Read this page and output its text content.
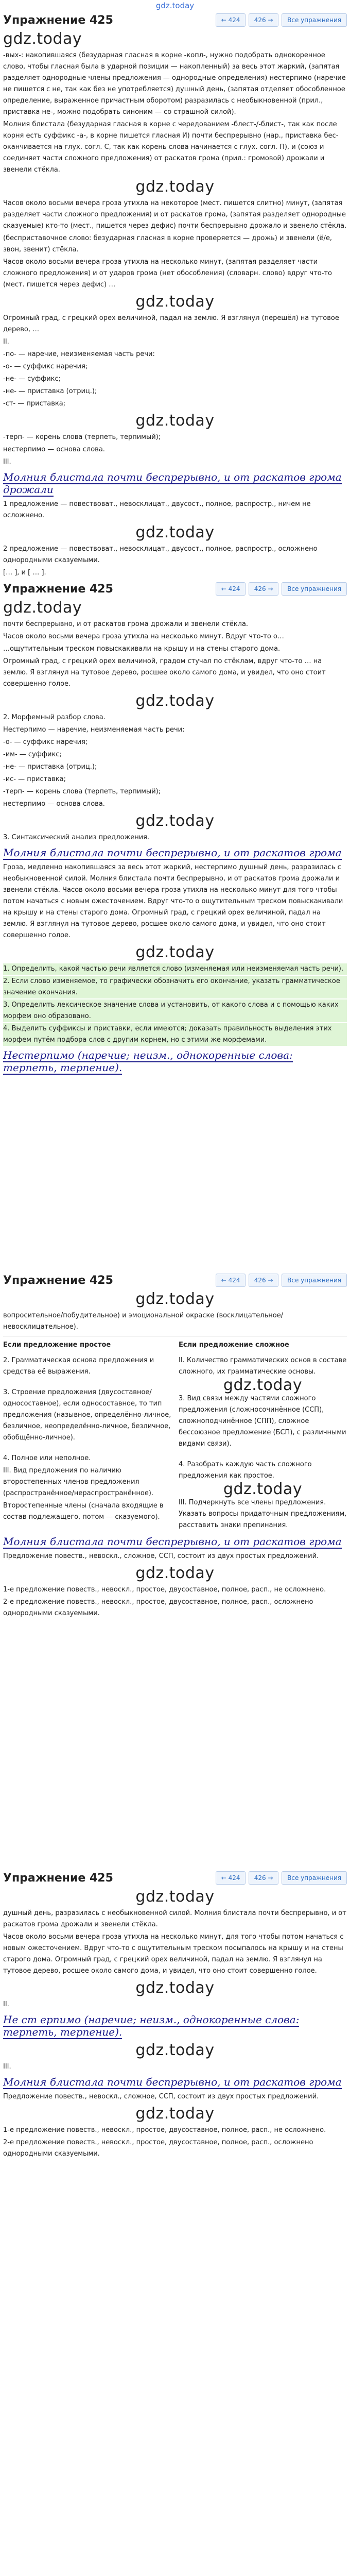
gdz.today
Упражнение 425	← 424	426 →	Все упражнения
gdz.today

-вых-: накопившаяся (безударная гласная в корне -копл-, нужно подобрать однокоренное слово, чтобы гласная была в ударной позиции — накопленный) за весь этот жаркий, (запятая разделяет однородные члены предложения — однородные определения) нестерпимо (наречие не пишется с не, так как без не употребляется) душный день, (запятая отделяет обособленное определение, выраженное причастным оборотом) разразилась с необыкновенной (прил., приставка не-, можно подобрать синоним — со страшной силой).

Молния блистала (безударная гласная в корне с чередованием -блест-/-блист-, так как после корня есть суффикс -а-, в корне пишется гласная И) почти беспрерывно (нар., приставка бес- оканчивается на глух. согл. С, так как корень слова начинается с глух. согл. П), и (союз и соединяет части сложного предложения) от раскатов грома (прил.: громовой) дрожали и звенели стёкла.

gdz.today

Часов около восьми вечера гроза утихла на некоторое (мест. пишется слитно) минут, (запятая разделяет части сложного предложения) и от раскатов грома, (запятая разделяет однородные сказуемые) кто-то (мест., пишется через дефис) почти беспрерывно дрожало и звенело стёкла.

(бесприставочное слово: безударная гласная в корне проверяется — дрожь) и звенели (ё/е, звон, звенит) стёкла.

Часов около восьми вечера гроза утихла на несколько минут, (запятая разделяет части сложного предложения) и от ударов грома (нет обособления) (словарн. слово) вдруг что-то (мест. пишется через дефис) …

gdz.today

Огромный град, с грецкий орех величиной, падал на землю. Я взглянул (перешёл) на тутовое дерево, …

II.

-по- — наречие, неизменяемая часть речи:

-о- — суффикс наречия;

-не- — суффикс;

-не- — приставка (отриц.);

-ст- — приставка;

gdz.today

-терп- — корень слова (терпеть, терпимый);

нестерпимо — основа слова.

III.

Молния блистала почти беспрерывно, и от раскатов грома дрожали

1 предложение — повествоват., невосклицат., двусост., полное, распростр., ничем не осложнено.

gdz.today

2 предложение — повествоват., невосклицат., двусост., полное, распростр., осложнено однородными сказуемыми.

[… ], и [ … ].

Упражнение 425	← 424	426 →	Все упражнения
gdz.today

почти беспрерывно, и от раскатов грома дрожали и звенели стёкла.

Часов около восьми вечера гроза утихла на несколько минут. Вдруг что-то о…

…ощутительным треском повыскакивали на крышу и на стены старого дома.

Огромный град, с грецкий орех величиной, градом стучал по стёклам, вдруг что-то … на землю. Я взглянул на тутовое дерево, росшее около самого дома, и увидел, что оно стоит совершенно голое.

gdz.today

2. Морфемный разбор слова.

Нестерпимо — наречие, неизменяемая часть речи:

-о- — суффикс наречия;

-им- — суффикс;

-не- — приставка (отриц.);

-ис- — приставка;

-терп- — корень слова (терпеть, терпимый);

нестерпимо — основа слова.

gdz.today

3. Синтаксический анализ предложения.

Молния блистала почти беспрерывно, и от раскатов грома

Гроза, медленно накопившаяся за весь этот жаркий, нестерпимо душный день, разразилась с необыкновенной силой. Молния блистала почти беспрерывно, и от раскатов грома дрожали и звенели стёкла. Часов около восьми вечера гроза утихла на несколько минут для того чтобы потом начаться с новым ожесточением. Вдруг что-то о ощутительным треском повыскакивали на крышу и на стены старого дома. Огромный град, с грецкий орех величиной, падал на землю. Я взглянул на тутовое дерево, росшее около самого дома, и увидел, что оно стоит совершенно голое.

gdz.today

1. Определить, какой частью речи является слово (изменяемая или неизменяемая часть речи).

2. Если слово изменяемое, то графически обозначить его окончание, указать грамматическое значение окончания.

3. Определить лексическое значение слова и установить, от какого слова и с помощью каких морфем оно образовано.

4. Выделить суффиксы и приставки, если имеются; доказать правильность выделения этих морфем путём подбора слов с другим корнем, но с этими же морфемами.

Нестерпимо (наречие; неизм., однокоренные слова: терпеть, терпение).
Упражнение 425	← 424	426 →	Все упражнения
gdz.today

вопросительное/побудительное) и эмоциональной окраске (восклицательное/невосклицательное).

Если предложение простое

2. Грамматическая основа предложения и средства её выражения.

3. Строение предложения (двусоставное/односоставное), если односоставное, то тип предложения (назывное, определённо-личное, безличное, неопределённо-личное, безличное, обобщённо-личное).

4. Полное или неполное.

III. Вид предложения по наличию второстепенных членов предложения (распространённое/нераспространённое).

Второстепенные члены (сначала входящие в состав подлежащего, потом — сказуемого).

Если предложение сложное

II. Количество грамматических основ в составе сложного, их грамматические основы.

gdz.today

3. Вид связи между частями сложного предложения (сложносочинённое (ССП), сложноподчинённое (СПП), сложное бессоюзное предложение (БСП), с различными видами связи).

4. Разобрать каждую часть сложного предложения как простое.

gdz.today

III. Подчеркнуть все члены предложения. Указать вопросы придаточным предложениям, расставить знаки препинания.

Молния блистала почти беспрерывно, и от раскатов грома

Предложение повеств., невоскл., сложное, ССП, состоит из двух простых предложений.

gdz.today

1-е предложение повеств., невоскл., простое, двусоставное, полное, расп., не осложнено.

2-е предложение повеств., невоскл., простое, двусоставное, полное, расп., осложнено однородными сказуемыми.

Упражнение 425	← 424	426 →	Все упражнения
gdz.today

душный день, разразилась с необыкновенной силой. Молния блистала почти беспрерывно, и от раскатов грома дрожали и звенели стёкла.

Часов около восьми вечера гроза утихла на несколько минут, для того чтобы потом начаться с новым ожесточением. Вдруг что-то с ощутительным треском посыпалось на крышу и на стены старого дома. Огромный град, с грецкий орех величиной, падал на землю. Я взглянул на тутовое дерево, росшее около самого дома, и увидел, что оно стоит совершенно голое.

gdz.today

II.

Не ст ерпимо (наречие; неизм., однокоренные слова: терпеть, терпение).
gdz.today

III.

Молния блистала почти беспрерывно, и от раскатов грома

Предложение повеств., невоскл., сложное, ССП, состоит из двух простых предложений.

gdz.today

1-е предложение повеств., невоскл., простое, двусоставное, полное, расп., не осложнено.

2-е предложение повеств., невоскл., простое, двусоставное, полное, расп., осложнено однородными сказуемыми.
